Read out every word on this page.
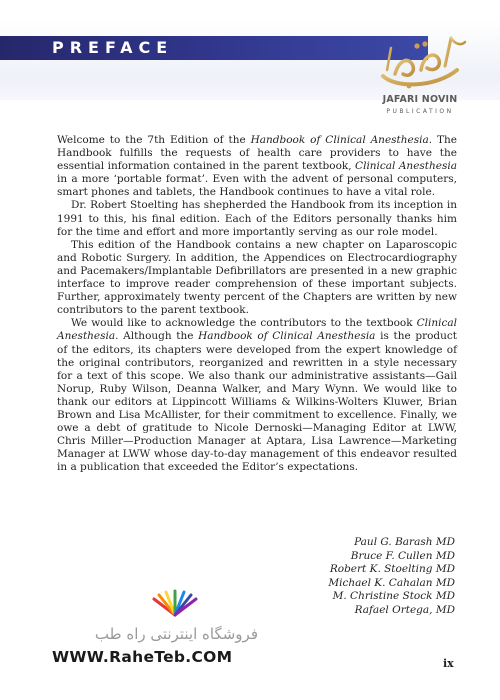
PREFACE
JAFARI NOVIN
PUBLICATION

Welcome to the 7th Edition of the Handbook of Clinical Anesthesia. The Handbook fulfills the requests of health care providers to have the essential information contained in the parent textbook, Clinical Anesthesia in a more ‘portable format’. Even with the advent of personal computers, smart phones and tablets, the Handbook continues to have a vital role.

Dr. Robert Stoelting has shepherded the Handbook from its inception in 1991 to this, his final edition. Each of the Editors personally thanks him for the time and effort and more importantly serving as our role model.

This edition of the Handbook contains a new chapter on Laparoscopic and Robotic Surgery. In addition, the Appendices on Electrocardiography and Pacemakers/Implantable Defibrillators are presented in a new graphic interface to improve reader comprehension of these important subjects. Further, approximately twenty percent of the Chapters are written by new contributors to the parent textbook.

We would like to acknowledge the contributors to the textbook Clinical Anesthesia. Although the Handbook of Clinical Anesthesia is the product of the editors, its chapters were developed from the expert knowledge of the original contributors, reorganized and rewritten in a style necessary for a text of this scope. We also thank our administrative assistants—Gail Norup, Ruby Wilson, Deanna Walker, and Mary Wynn. We would like to thank our editors at Lippincott Williams & Wilkins-Wolters Kluwer, Brian Brown and Lisa McAllister, for their commitment to excellence. Finally, we owe a debt of gratitude to Nicole Dernoski—Managing Editor at LWW, Chris Miller—Production Manager at Aptara, Lisa Lawrence—Marketing Manager at LWW whose day-to-day management of this endeavor resulted in a publication that exceeded the Editor’s expectations.

Paul G. Barash MD
Bruce F. Cullen MD
Robert K. Stoelting MD
Michael K. Cahalan MD
M. Christine Stock MD
Rafael Ortega, MD
فروشگاه اینترنتی راه طب
WWW.RaheTeb.COM	ix
